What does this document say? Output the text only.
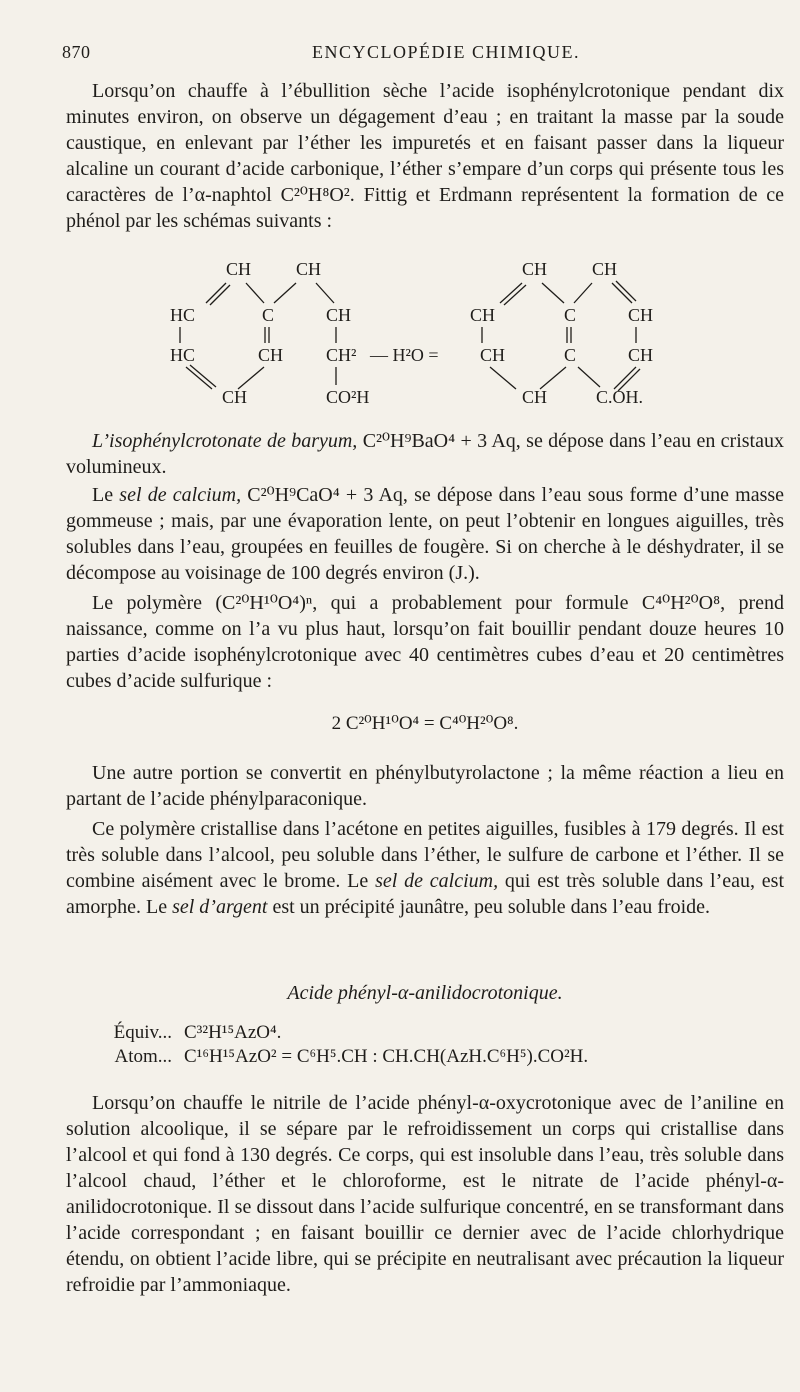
870	ENCYCLOPÉDIE CHIMIQUE.

Lorsqu’on chauffe à l’ébullition sèche l’acide isophénylcrotonique pendant dix minutes environ, on observe un dégagement d’eau ; en traitant la masse par la soude caustique, en enlevant par l’éther les impuretés et en faisant passer dans la liqueur alcaline un courant d’acide carbonique, l’éther s’empare d’un corps qui présente tous les caractères de l’α-naphtol C²⁰H⁸O². Fittig et Erdmann représentent la formation de ce phénol par les schémas suivants :

CH CH
HC	C	CH
HC	CH CH²
CH	CO²H
— H²O =
CH CH
CH	C	CH
CH	C	CH
CH	C.OH.

L’isophénylcrotonate de baryum, C²⁰H⁹BaO⁴ + 3 Aq, se dépose dans l’eau en cristaux volumineux.

Le sel de calcium, C²⁰H⁹CaO⁴ + 3 Aq, se dépose dans l’eau sous forme d’une masse gommeuse ; mais, par une évaporation lente, on peut l’obtenir en longues aiguilles, très solubles dans l’eau, groupées en feuilles de fougère. Si on cherche à le déshydrater, il se décompose au voisinage de 100 degrés environ (J.).

Le polymère (C²⁰H¹⁰O⁴)ⁿ, qui a probablement pour formule C⁴⁰H²⁰O⁸, prend naissance, comme on l’a vu plus haut, lorsqu’on fait bouillir pendant douze heures 10 parties d’acide isophénylcrotonique avec 40 centimètres cubes d’eau et 20 centimètres cubes d’acide sulfurique :

2 C²⁰H¹⁰O⁴ = C⁴⁰H²⁰O⁸.

Une autre portion se convertit en phénylbutyrolactone ; la même réaction a lieu en partant de l’acide phénylparaconique.

Ce polymère cristallise dans l’acétone en petites aiguilles, fusibles à 179 degrés. Il est très soluble dans l’alcool, peu soluble dans l’éther, le sulfure de carbone et l’éther. Il se combine aisément avec le brome. Le sel de calcium, qui est très soluble dans l’eau, est amorphe. Le sel d’argent est un précipité jaunâtre, peu soluble dans l’eau froide.

Acide phényl-α-anilidocrotonique.
Équiv... C³²H¹⁵AzO⁴.
Atom... C¹⁶H¹⁵AzO² = C⁶H⁵.CH : CH.CH(AzH.C⁶H⁵).CO²H.

Lorsqu’on chauffe le nitrile de l’acide phényl-α-oxycrotonique avec de l’aniline en solution alcoolique, il se sépare par le refroidissement un corps qui cristallise dans l’alcool et qui fond à 130 degrés. Ce corps, qui est insoluble dans l’eau, très soluble dans l’alcool chaud, l’éther et le chloroforme, est le nitrate de l’acide phényl-α-anilidocrotonique. Il se dissout dans l’acide sulfurique concentré, en se transformant dans l’acide correspondant ; en faisant bouillir ce dernier avec de l’acide chlorhydrique étendu, on obtient l’acide libre, qui se précipite en neutralisant avec précaution la liqueur refroidie par l’ammoniaque.
